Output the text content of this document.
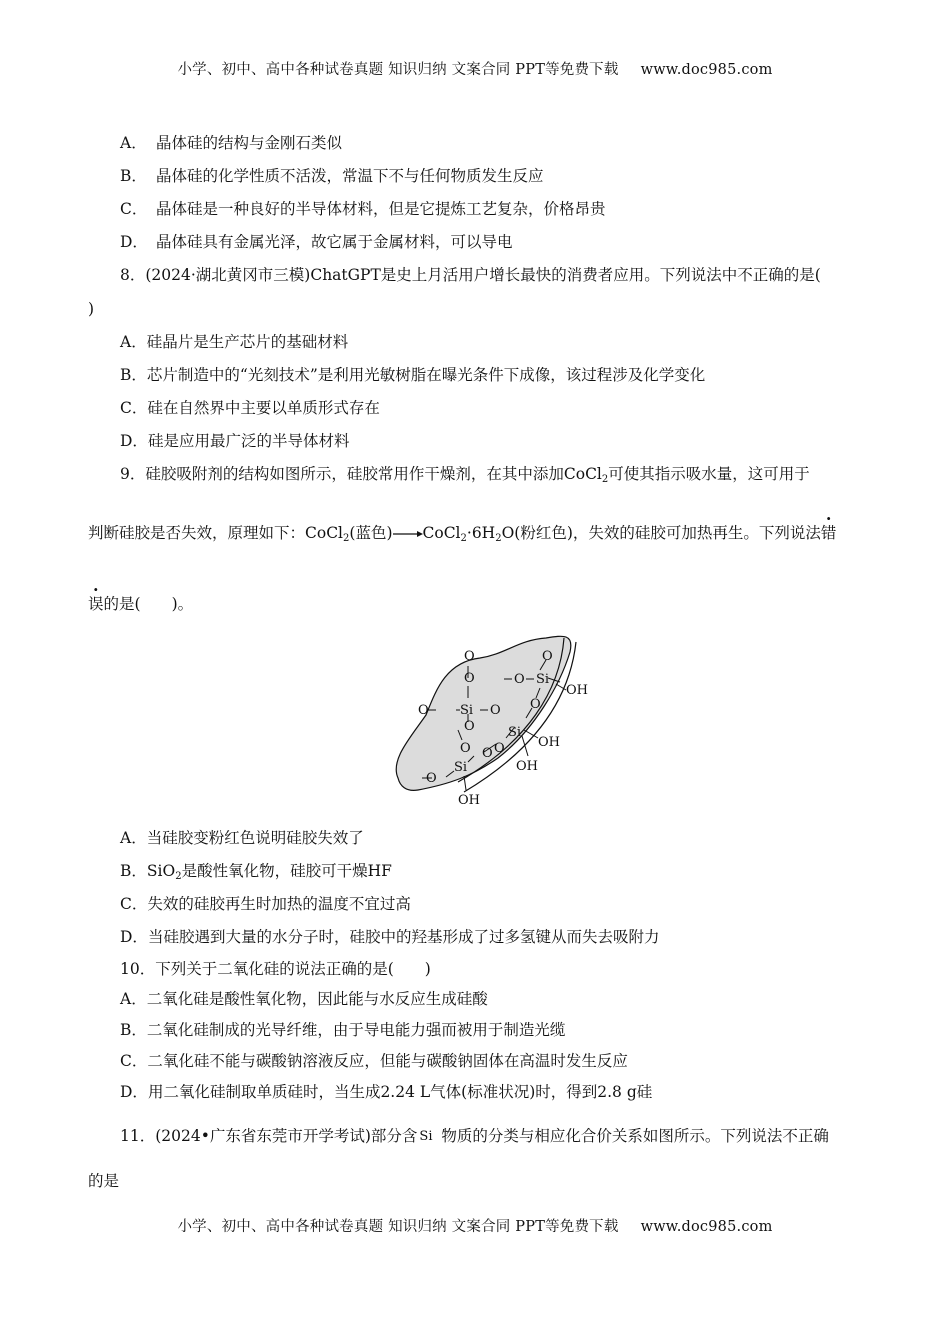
小学、初中、高中各种试卷真题 知识归纳 文案合同 PPT等免费下载 www.doc985.com
A． 晶体硅的结构与金刚石类似
B． 晶体硅的化学性质不活泼，常温下不与任何物质发生反应
C． 晶体硅是一种良好的半导体材料，但是它提炼工艺复杂，价格昂贵
D． 晶体硅具有金属光泽，故它属于金属材料，可以导电
8．(2024·湖北黄冈市三模)ChatGPT是史上月活用户增长最快的消费者应用。下列说法中不正确的是(
)
A．硅晶片是生产芯片的基础材料
B．芯片制造中的“光刻技术”是利用光敏树脂在曝光条件下成像，该过程涉及化学变化
C．硅在自然界中主要以单质形式存在
D．硅是应用最广泛的半导体材料
9．硅胶吸附剂的结构如图所示，硅胶常用作干燥剂，在其中添加CoCl$_2$可使其指示吸水量，这可用于
判断硅胶是否失效，原理如下：CoCl$_2$(蓝色)$\to CoCl_2\cdot 6H_2O$(粉红色)，失效的硅胶可加热再生。下列说法错
误的是(　　)。
O
O
O Si O
O
O Si
O
O
OH
Si
O	OH
OH
O
O
Si
O
OH
A．当硅胶变粉红色说明硅胶失效了
B．SiO$_2$是酸性氧化物，硅胶可干燥HF
C．失效的硅胶再生时加热的温度不宜过高
D．当硅胶遇到大量的水分子时，硅胶中的羟基形成了过多氢键从而失去吸附力
10．下列关于二氧化硅的说法正确的是(　　)
A．二氧化硅是酸性氧化物，因此能与水反应生成硅酸
B．二氧化硅制成的光导纤维，由于导电能力强而被用于制造光缆
C．二氧化硅不能与碳酸钠溶液反应，但能与碳酸钠固体在高温时发生反应
D．用二氧化硅制取单质硅时，当生成2.24 L气体(标准状况)时，得到2.8 g硅
11．(2024•广东省东莞市开学考试)部分含 Si 物质的分类与相应化合价关系如图所示。下列说法不正确
的是
小学、初中、高中各种试卷真题 知识归纳 文案合同 PPT等免费下载 www.doc985.com
